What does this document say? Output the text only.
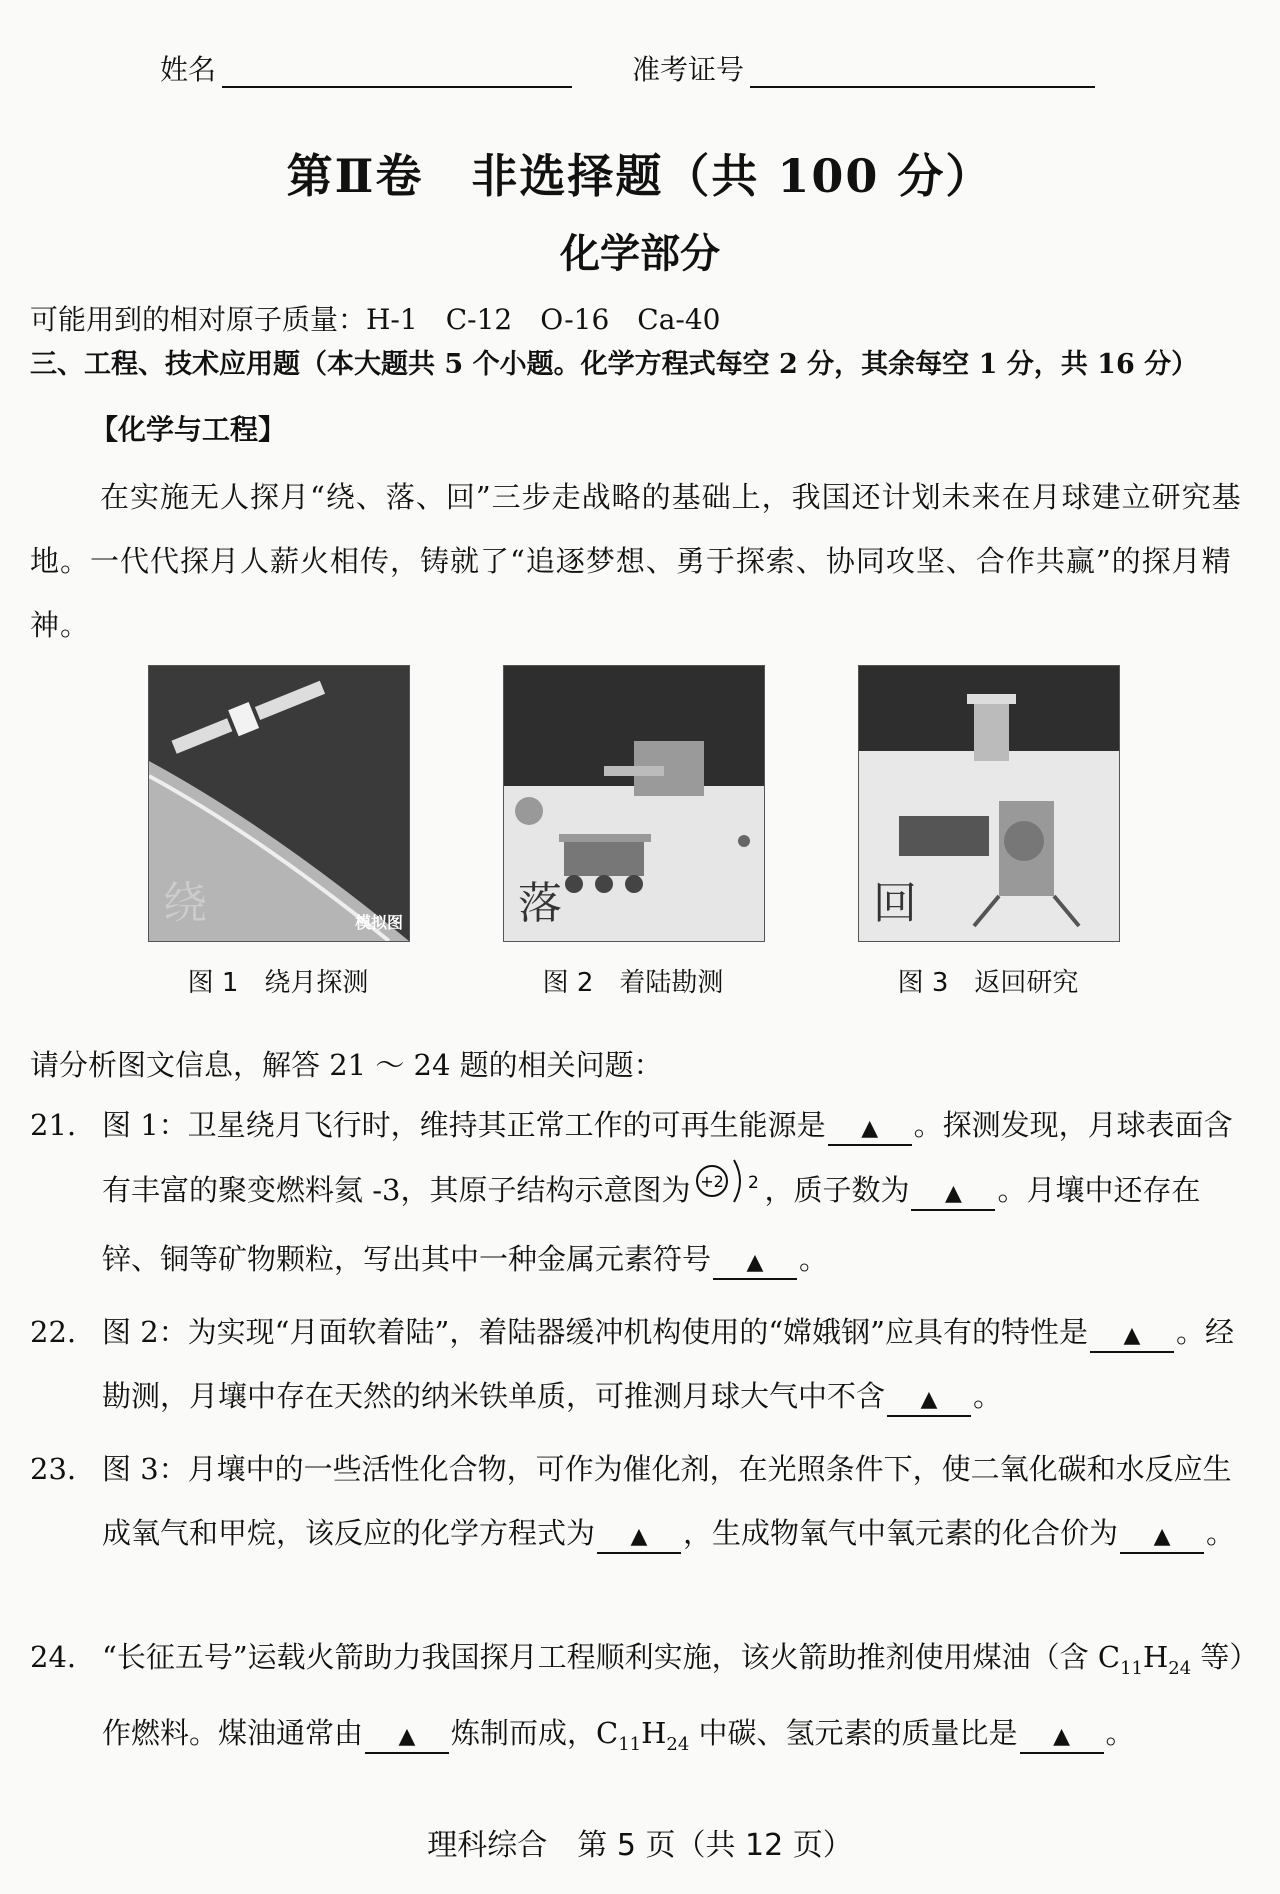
姓名	准考证号
第Ⅱ卷　非选择题（共 100 分）
化学部分
可能用到的相对原子质量：H-1　C-12　O-16　Ca-40
三、工程、技术应用题（本大题共 5 个小题。化学方程式每空 2 分，其余每空 1 分，共 16 分）
【化学与工程】
在实施无人探月“绕、落、回”三步走战略的基础上，我国还计划未来在月球建立研究基地。一代代探月人薪火相传，铸就了“追逐梦想、勇于探索、协同攻坚、合作共赢”的探月精神。
绕	模拟图
图 1　绕月探测
落
图 2　着陆勘测
回
图 3　返回研究
请分析图文信息，解答 21 ～ 24 题的相关问题：
21. 图 1：卫星绕月飞行时，维持其正常工作的可再生能源是 ▲ 。探测发现，月球表面含有丰富的聚变燃料氦 -3，其原子结构示意图为 +2 2 ，质子数为 ▲ 。月壤中还存在锌、铜等矿物颗粒，写出其中一种金属元素符号 ▲ 。
22. 图 2：为实现“月面软着陆”，着陆器缓冲机构使用的“嫦娥钢”应具有的特性是 ▲ 。经勘测，月壤中存在天然的纳米铁单质，可推测月球大气中不含 ▲ 。
23. 图 3：月壤中的一些活性化合物，可作为催化剂，在光照条件下，使二氧化碳和水反应生成氧气和甲烷，该反应的化学方程式为 ▲ ，生成物氧气中氧元素的化合价为 ▲ 。
24. “长征五号”运载火箭助力我国探月工程顺利实施，该火箭助推剂使用煤油（含 $C_{11}H_{24}$ 等）作燃料。煤油通常由 ▲ 炼制而成，$C_{11}H_{24}$ 中碳、氢元素的质量比是 ▲ 。
理科综合　第 5 页（共 12 页）
